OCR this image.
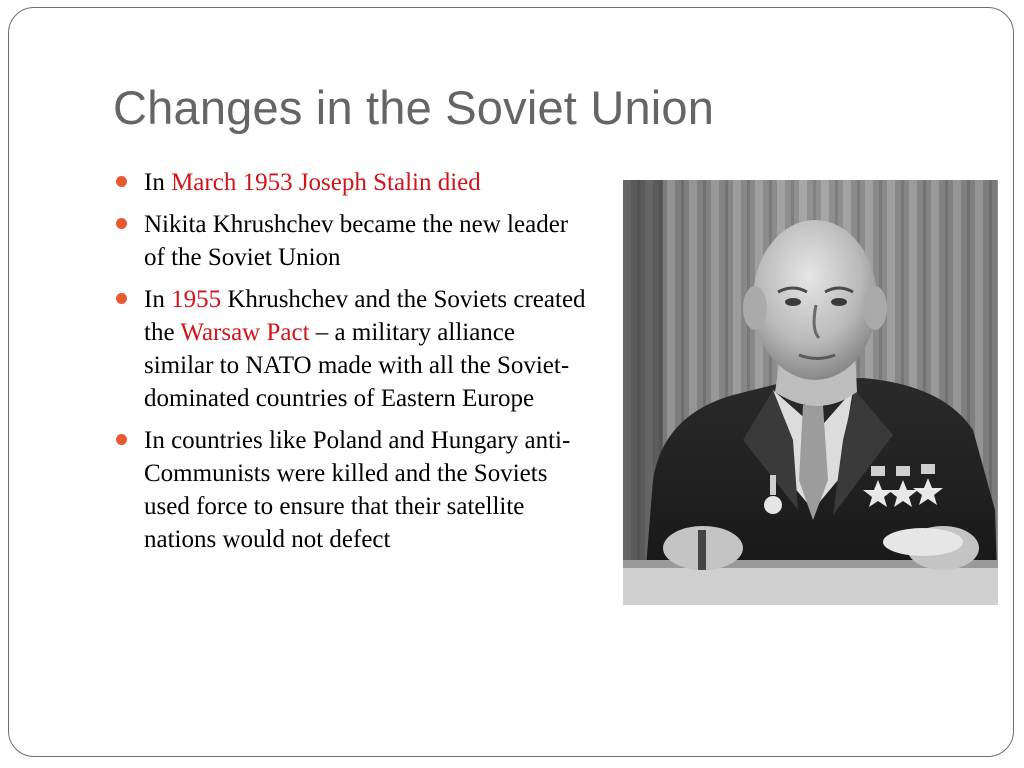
Changes in the Soviet Union
In March 1953 Joseph Stalin died
Nikita Khrushchev became the new leader of the Soviet Union
In 1955 Khrushchev and the Soviets created the Warsaw Pact – a military alliance similar to NATO made with all the Soviet-dominated countries of Eastern Europe
In countries like Poland and Hungary anti-Communists were killed and the Soviets used force to ensure that their satellite nations would not defect
